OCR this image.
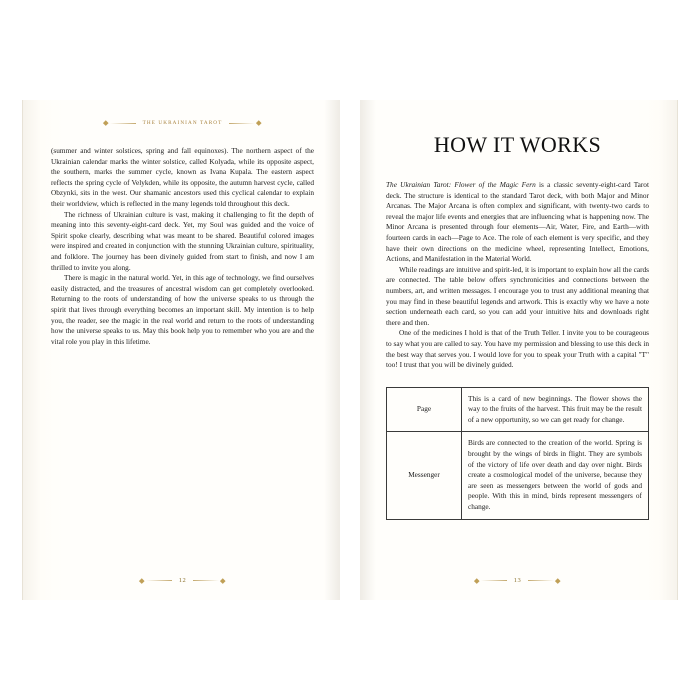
THE UKRAINIAN TAROT

(summer and winter solstices, spring and fall equinoxes). The northern aspect of the Ukrainian calendar marks the winter solstice, called Kolyada, while its opposite aspect, the southern, marks the summer cycle, known as Ivana Kupala. The eastern aspect reflects the spring cycle of Velykden, while its opposite, the autumn harvest cycle, called Obzynki, sits in the west. Our shamanic ancestors used this cyclical calendar to explain their worldview, which is reflected in the many legends told throughout this deck.

The richness of Ukrainian culture is vast, making it challenging to fit the depth of meaning into this seventy-eight-card deck. Yet, my Soul was guided and the voice of Spirit spoke clearly, describing what was meant to be shared. Beautiful colored images were inspired and created in conjunction with the stunning Ukrainian culture, spirituality, and folklore. The journey has been divinely guided from start to finish, and now I am thrilled to invite you along.

There is magic in the natural world. Yet, in this age of technology, we find ourselves easily distracted, and the treasures of ancestral wisdom can get completely overlooked. Returning to the roots of understanding of how the universe speaks to us through the spirit that lives through everything becomes an important skill. My intention is to help you, the reader, see the magic in the real world and return to the roots of understanding how the universe speaks to us. May this book help you to remember who you are and the vital role you play in this lifetime.

12
HOW IT WORKS

The Ukrainian Tarot: Flower of the Magic Fern is a classic seventy-eight-card Tarot deck. The structure is identical to the standard Tarot deck, with both Major and Minor Arcanas. The Major Arcana is often complex and significant, with twenty-two cards to reveal the major life events and energies that are influencing what is happening now. The Minor Arcana is presented through four elements—Air, Water, Fire, and Earth—with fourteen cards in each—Page to Ace. The role of each element is very specific, and they have their own directions on the medicine wheel, representing Intellect, Emotions, Actions, and Manifestation in the Material World.

While readings are intuitive and spirit-led, it is important to explain how all the cards are connected. The table below offers synchronicities and connections between the numbers, art, and written messages. I encourage you to trust any additional meaning that you may find in these beautiful legends and artwork. This is exactly why we have a note section underneath each card, so you can add your intuitive hits and downloads right there and then.

One of the medicines I hold is that of the Truth Teller. I invite you to be courageous to say what you are called to say. You have my permission and blessing to use this deck in the best way that serves you. I would love for you to speak your Truth with a capital "T" too! I trust that you will be divinely guided.

Page	This is a card of new beginnings. The flower shows the way to the fruits of the harvest. This fruit may be the result of a new opportunity, so we can get ready for change.
Messenger	Birds are connected to the creation of the world. Spring is brought by the wings of birds in flight. They are symbols of the victory of life over death and day over night. Birds create a cosmological model of the universe, because they are seen as messengers between the world of gods and people. With this in mind, birds represent messengers of change.
13
